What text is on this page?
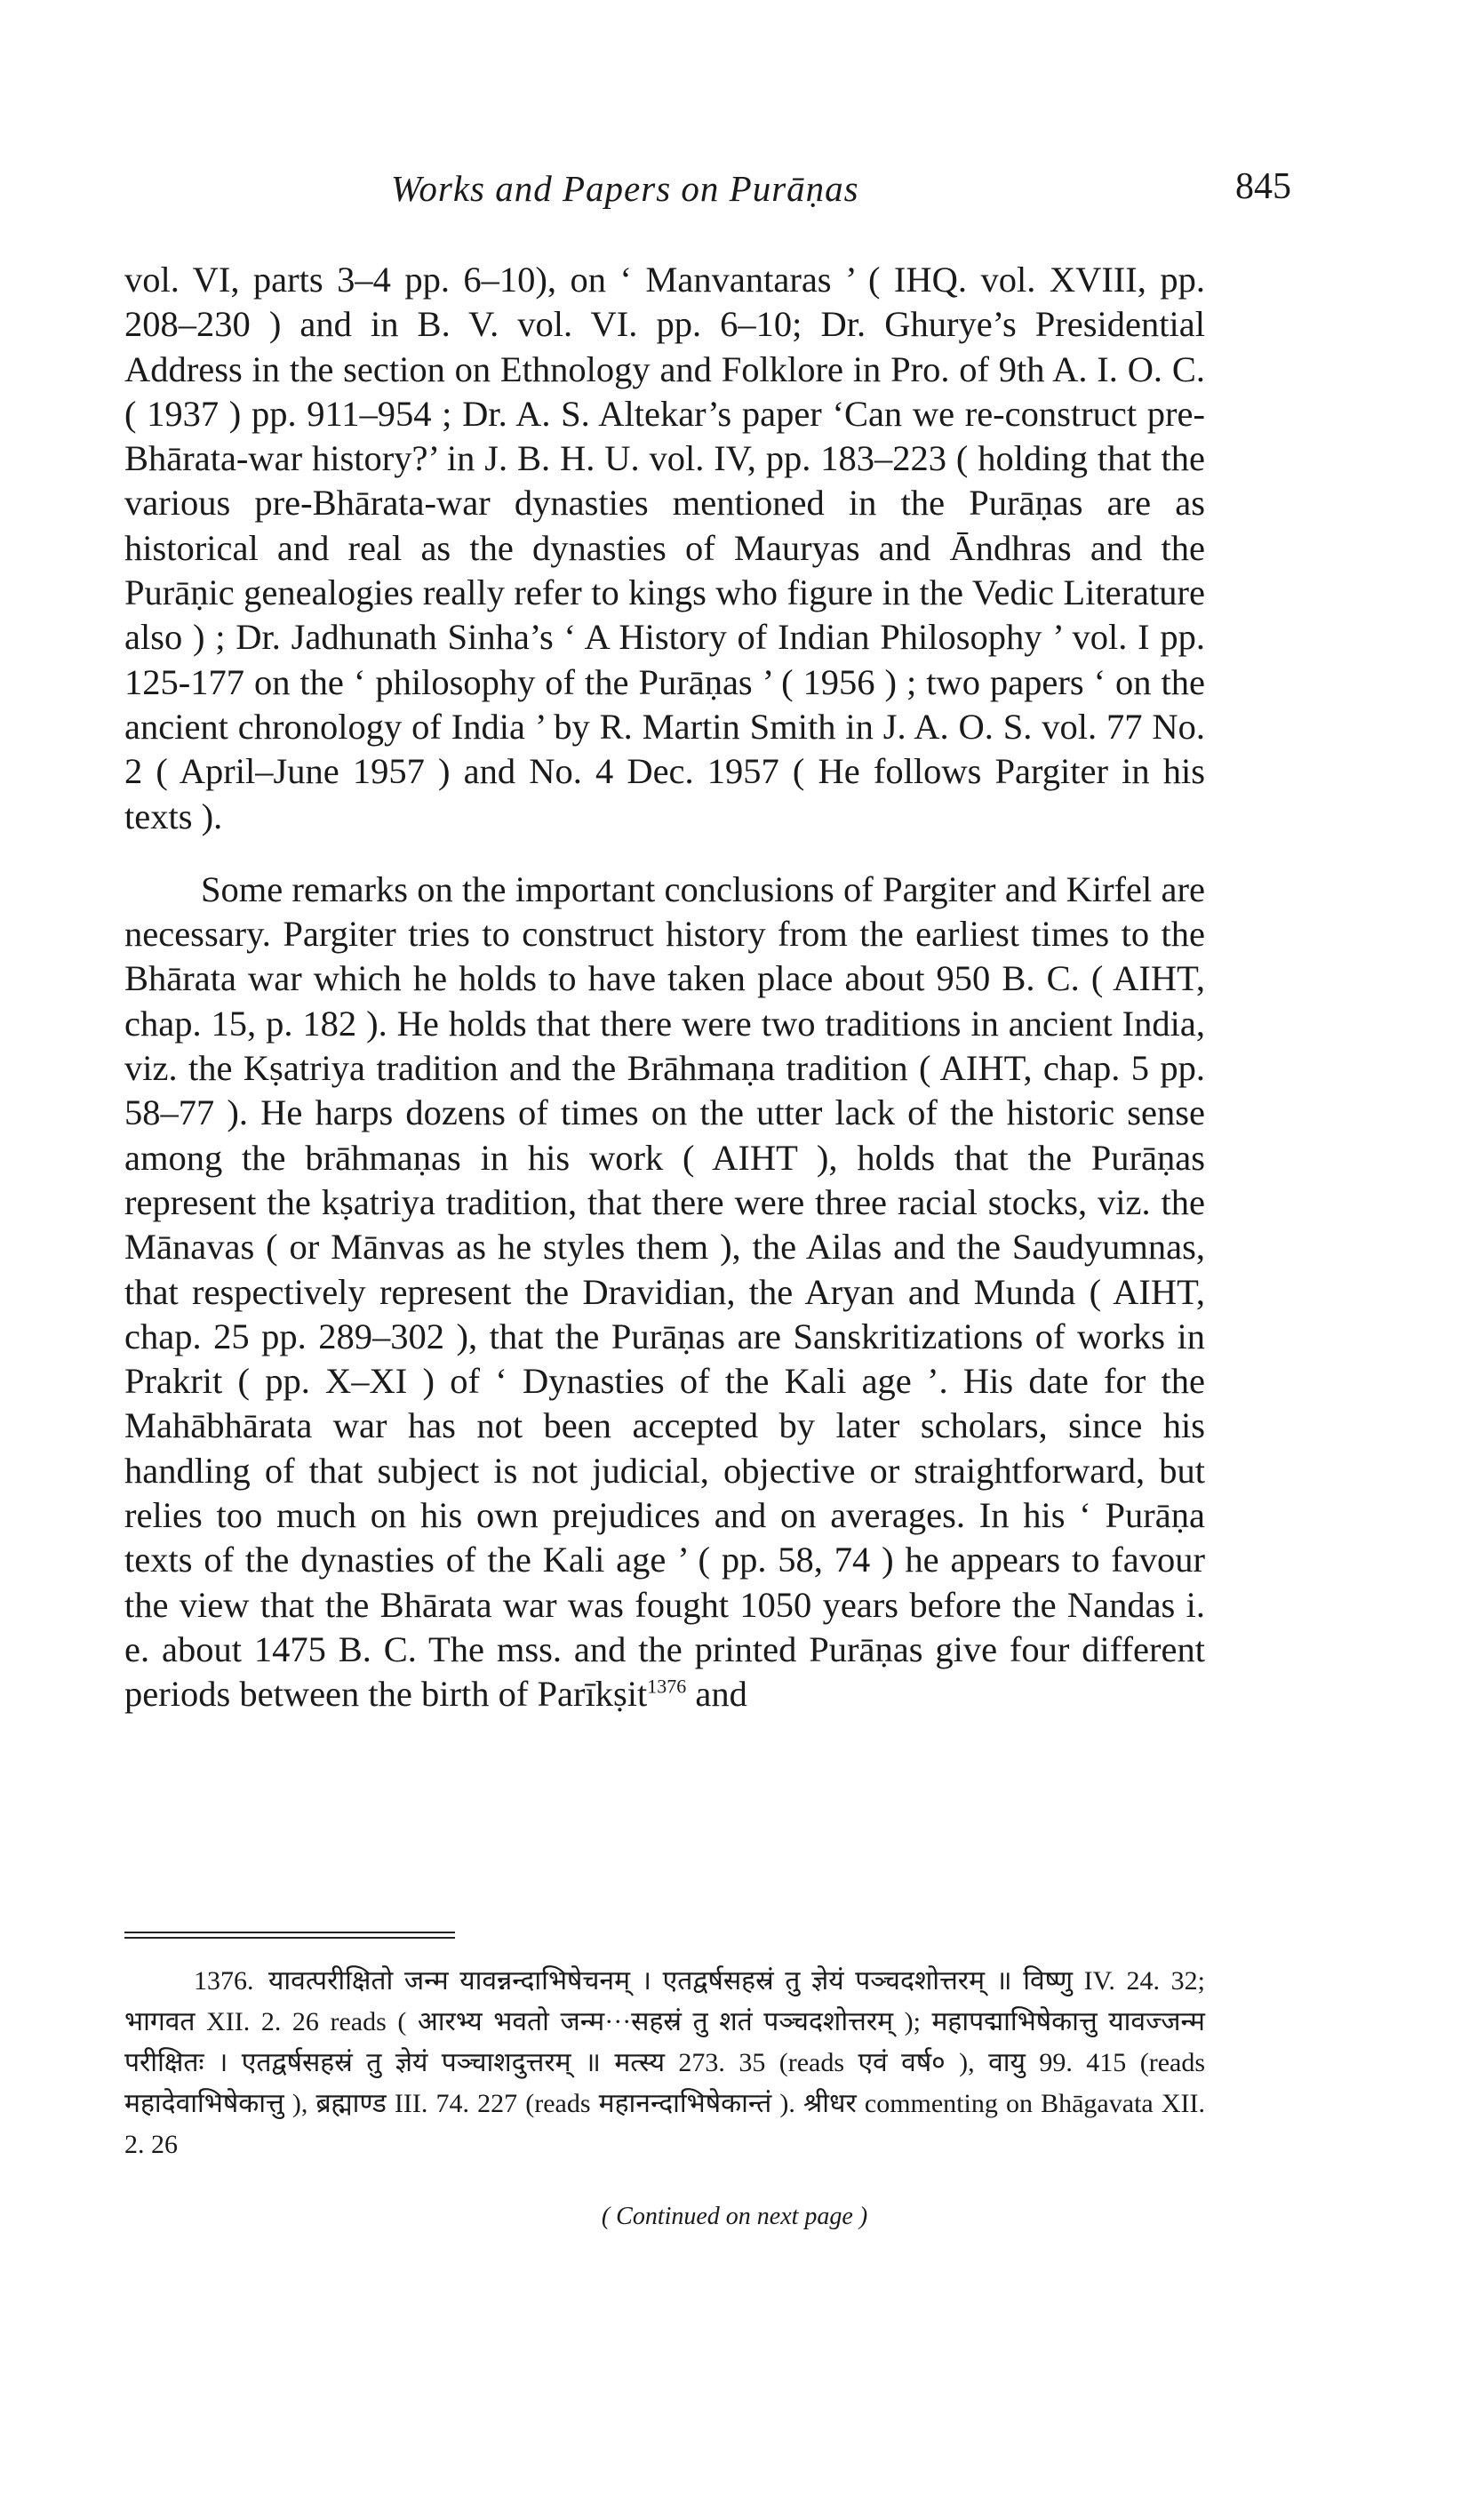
Works and Papers on Purāṇas	845

vol. VI, parts 3–4 pp. 6–10), on ‘ Manvantaras ’ ( IHQ. vol. XVIII, pp. 208–230 ) and in B. V. vol. VI. pp. 6–10; Dr. Ghurye’s Presidential Address in the section on Ethnology and Folklore in Pro. of 9th A. I. O. C. ( 1937 ) pp. 911–954 ; Dr. A. S. Altekar’s paper ‘Can we re-construct pre-Bhārata-war history?’ in J. B. H. U. vol. IV, pp. 183–223 ( holding that the various pre-Bhārata-war dynasties mentioned in the Purāṇas are as historical and real as the dynasties of Mauryas and Āndhras and the Purāṇic genealogies really refer to kings who figure in the Vedic Literature also ) ; Dr. Jadhunath Sinha’s ‘ A History of Indian Philosophy ’ vol. I pp. 125-177 on the ‘ philosophy of the Purāṇas ’ ( 1956 ) ; two papers ‘ on the ancient chronology of India ’ by R. Martin Smith in J. A. O. S. vol. 77 No. 2 ( April–June 1957 ) and No. 4 Dec. 1957 ( He follows Pargiter in his texts ).

Some remarks on the important conclusions of Pargiter and Kirfel are necessary. Pargiter tries to construct history from the earliest times to the Bhārata war which he holds to have taken place about 950 B. C. ( AIHT, chap. 15, p. 182 ). He holds that there were two traditions in ancient India, viz. the Kṣatriya tradition and the Brāhmaṇa tradition ( AIHT, chap. 5 pp. 58–77 ). He harps dozens of times on the utter lack of the historic sense among the brāhmaṇas in his work ( AIHT ), holds that the Purāṇas represent the kṣatriya tradition, that there were three racial stocks, viz. the Mānavas ( or Mānvas as he styles them ), the Ailas and the Saudyumnas, that respectively represent the Dravidian, the Aryan and Munda ( AIHT, chap. 25 pp. 289–302 ), that the Purāṇas are Sanskritizations of works in Prakrit ( pp. X–XI ) of ‘ Dynasties of the Kali age ’. His date for the Mahābhārata war has not been accepted by later scholars, since his handling of that subject is not judicial, objective or straightforward, but relies too much on his own prejudices and on averages. In his ‘ Purāṇa texts of the dynasties of the Kali age ’ ( pp. 58, 74 ) he appears to favour the view that the Bhārata war was fought 1050 years before the Nandas i. e. about 1475 B. C. The mss. and the printed Purāṇas give four different periods between the birth of Parīkṣit$^{1376}$ and

1376. यावत्परीक्षितो जन्म यावन्नन्दाभिषेचनम् । एतद्वर्षसहस्रं तु ज्ञेयं पञ्चदशोत्तरम् ॥ विष्णु IV. 24. 32; भागवत XII. 2. 26 reads ( आरभ्य भवतो जन्म···सहस्रं तु शतं पञ्चदशोत्तरम् ); महापद्माभिषेकात्तु यावज्जन्म परीक्षितः । एतद्वर्षसहस्रं तु ज्ञेयं पञ्चाशदुत्तरम् ॥ मत्स्य 273. 35 (reads एवं वर्ष० ), वायु 99. 415 (reads महादेवाभिषेकात्तु ), ब्रह्माण्ड III. 74. 227 (reads महानन्दाभिषेकान्तं ). श्रीधर commenting on Bhāgavata XII. 2. 26

( Continued on next page )
